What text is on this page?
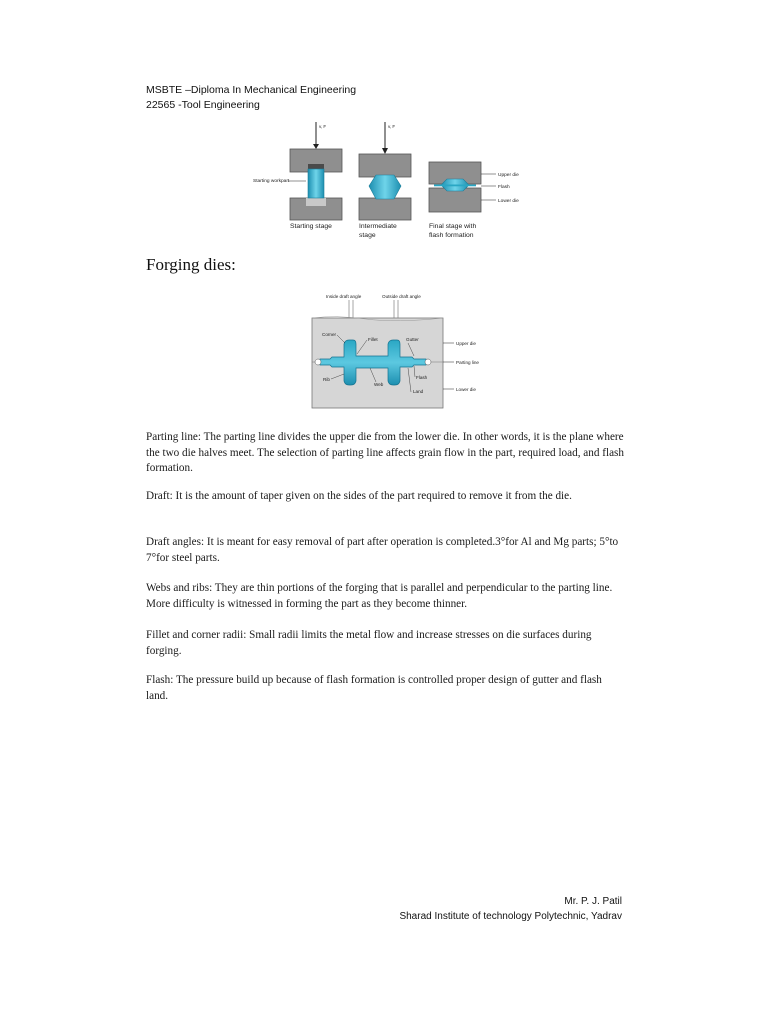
MSBTE –Diploma In Mechanical Engineering
22565 -Tool Engineering
v, F
Starting workpart
Starting stage
v, F
Intermediate
stage
Upper die
Flash
Lower die
Final stage with
flash formation
Forging dies:
Inside draft angle	Outside draft angle
Corner
Fillet	Gutter
Rib
Web
Flash
Land
Upper die
Parting line
Lower die

Parting line: The parting line divides the upper die from the lower die. In other words, it is the plane where the two die halves meet. The selection of parting line affects grain flow in the part, required load, and flash formation.

Draft: It is the amount of taper given on the sides of the part required to remove it from the die.

Draft angles: It is meant for easy removal of part after operation is completed.3°for Al and Mg parts; 5°to 7°for steel parts.

Webs and ribs: They are thin portions of the forging that is parallel and perpendicular to the parting line. More difficulty is witnessed in forming the part as they become thinner.

Fillet and corner radii: Small radii limits the metal flow and increase stresses on die surfaces during forging.

Flash: The pressure build up because of flash formation is controlled proper design of gutter and flash land.

Mr. P. J. Patil
Sharad Institute of technology Polytechnic, Yadrav
